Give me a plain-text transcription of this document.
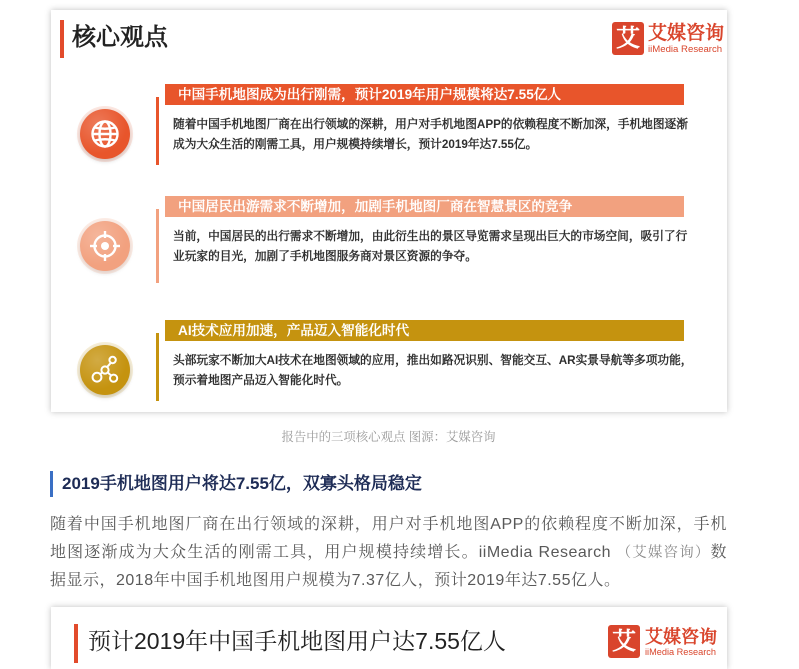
核心观点	艾 艾媒咨询
iiMedia Research
中国手机地图成为出行刚需，预计2019年用户规模将达7.55亿人
随着中国手机地图厂商在出行领域的深耕，用户对手机地图APP的依赖程度不断加深，手机地图逐渐
成为大众生活的刚需工具，用户规模持续增长，预计2019年达7.55亿。
中国居民出游需求不断增加，加剧手机地图厂商在智慧景区的竞争
当前，中国居民的出行需求不断增加，由此衍生出的景区导览需求呈现出巨大的市场空间，吸引了行
业玩家的目光，加剧了手机地图服务商对景区资源的争夺。
AI技术应用加速，产品迈入智能化时代
头部玩家不断加大AI技术在地图领域的应用，推出如路况识别、智能交互、AR实景导航等多项功能，
预示着地图产品迈入智能化时代。
报告中的三项核心观点 图源：艾媒咨询
2019手机地图用户将达7.55亿，双寡头格局稳定
随着中国手机地图厂商在出行领域的深耕，用户对手机地图APP的依赖程度不断加深，手机
地图逐渐成为大众生活的刚需工具，用户规模持续增长。iiMedia Research （艾媒咨询）数
据显示，2018年中国手机地图用户规模为7.37亿人，预计2019年达7.55亿人。
预计2019年中国手机地图用户达7.55亿人	艾 艾媒咨询
iiMedia Research
